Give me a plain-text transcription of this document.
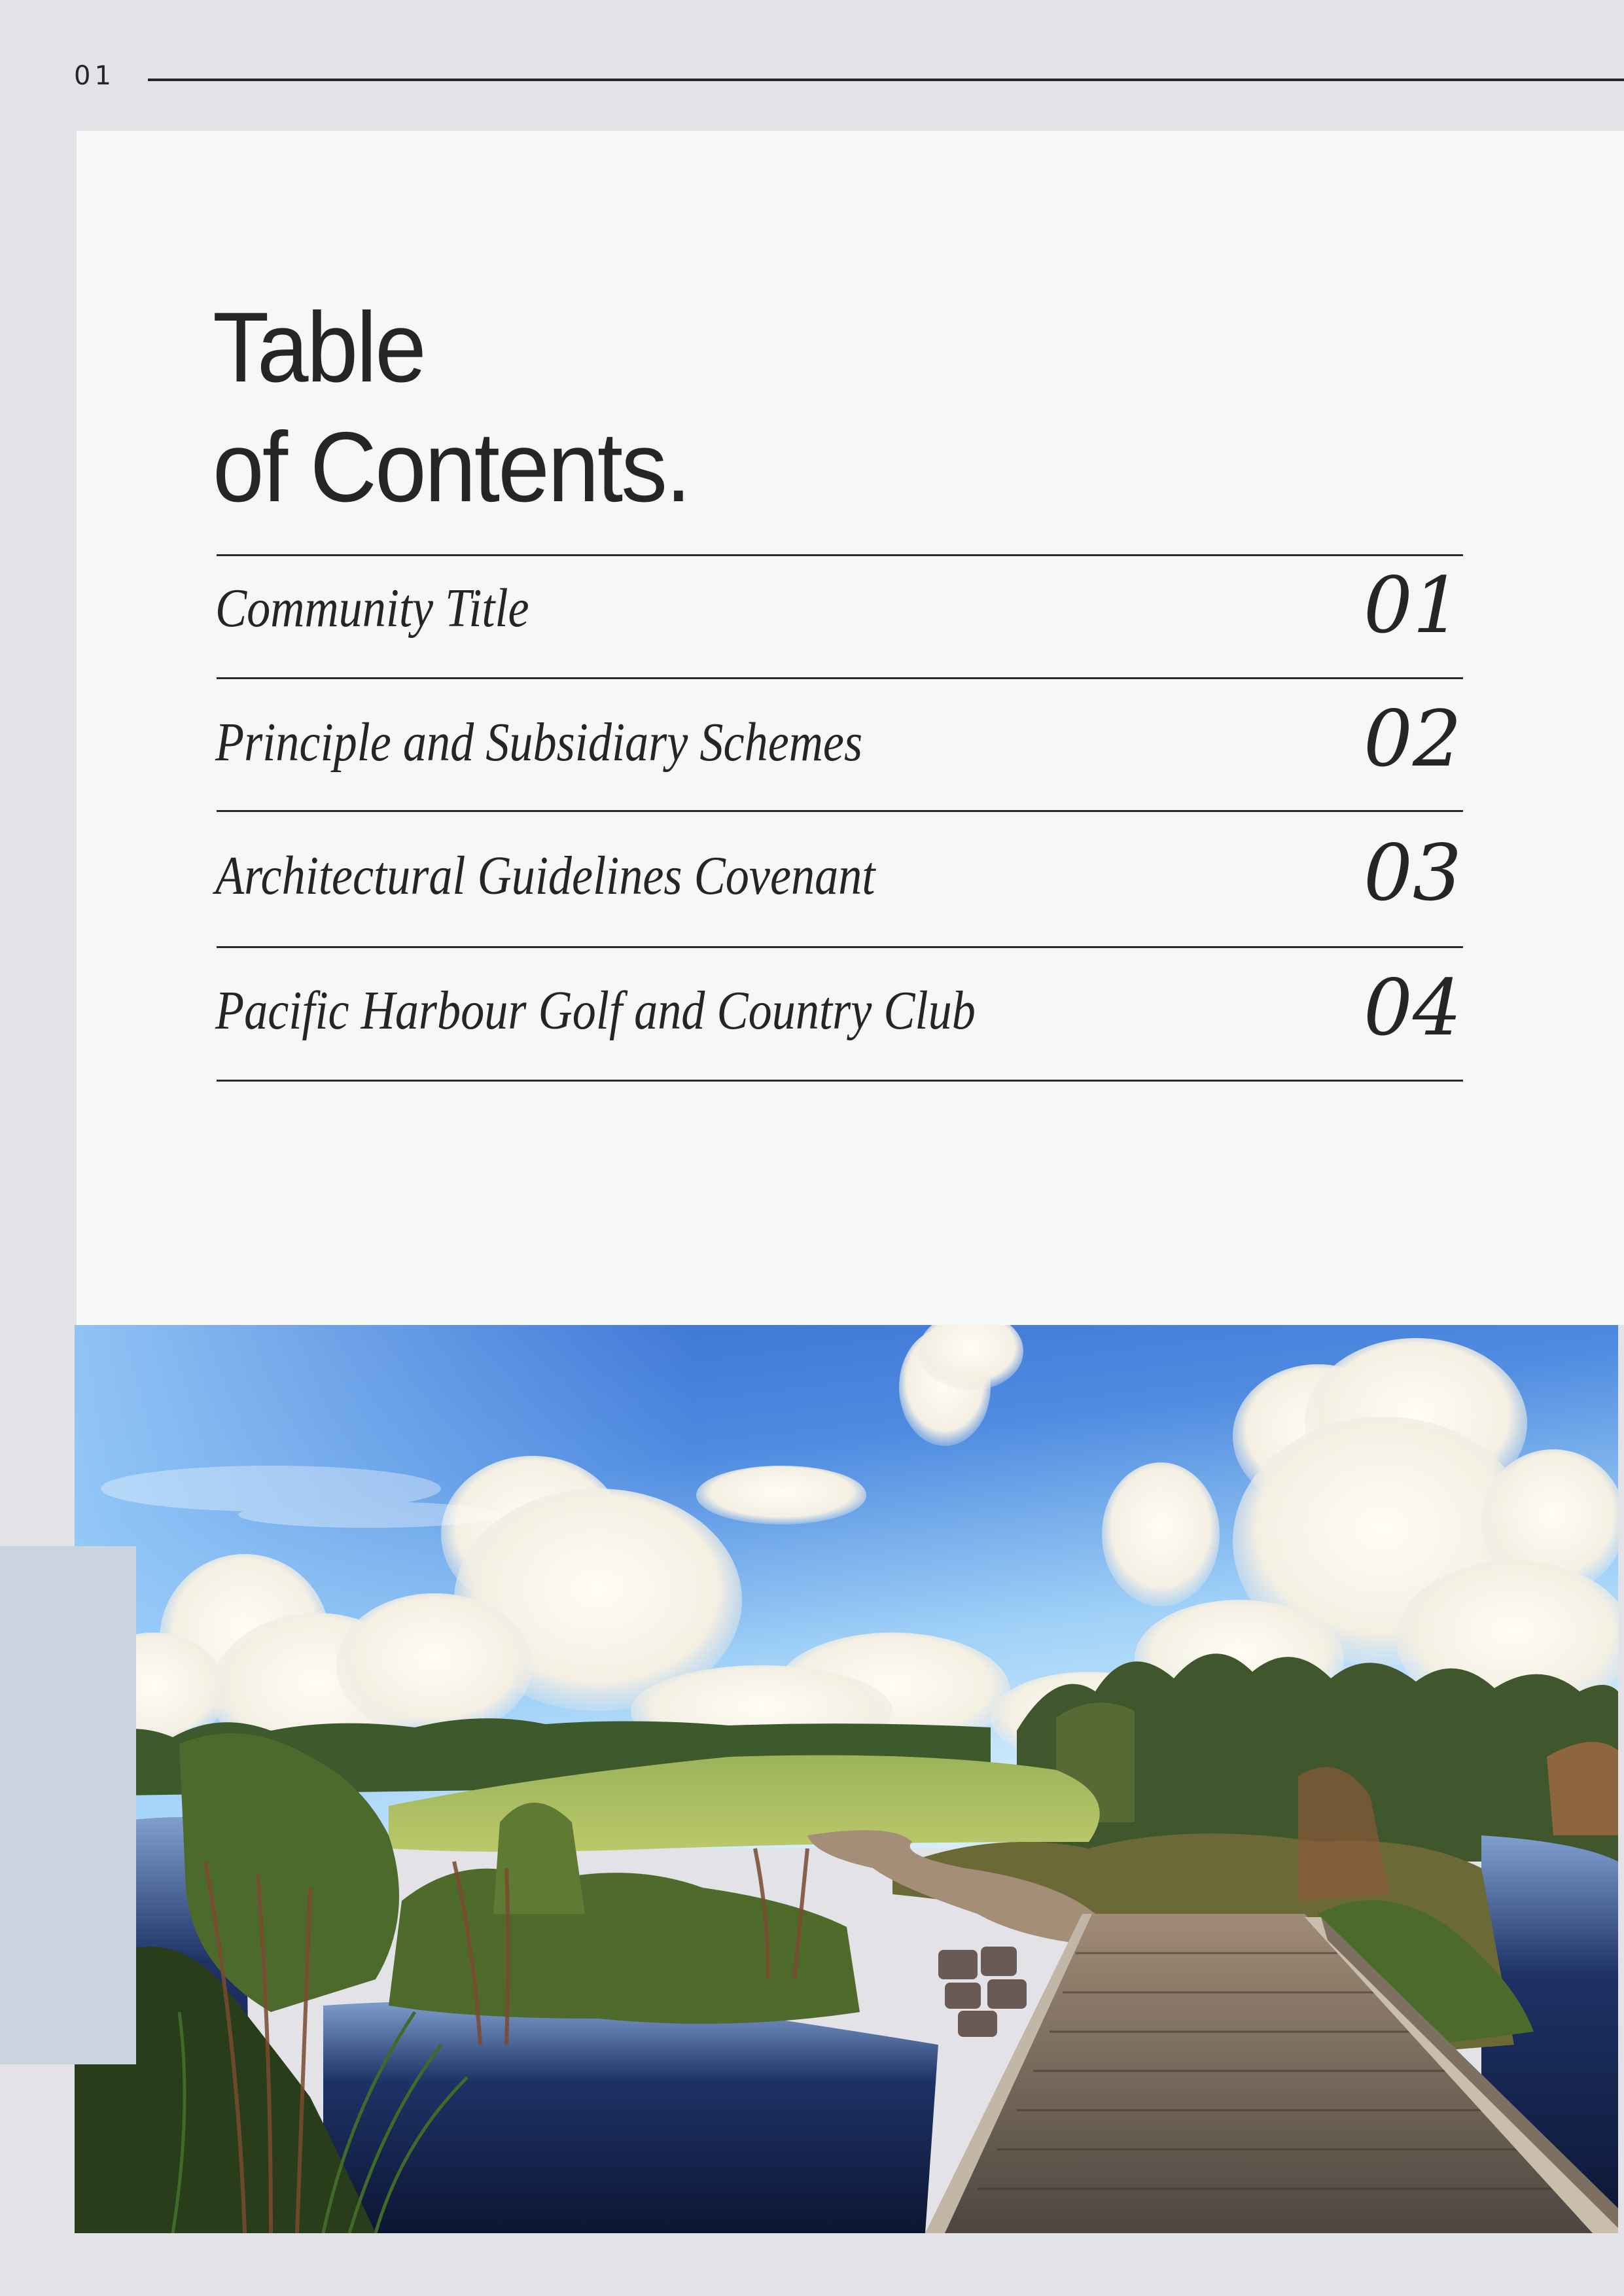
01
Table
of Contents.
Community Title	01
Principle and Subsidiary Schemes	02
Architectural Guidelines Covenant	03
Pacific Harbour Golf and Country Club	04
